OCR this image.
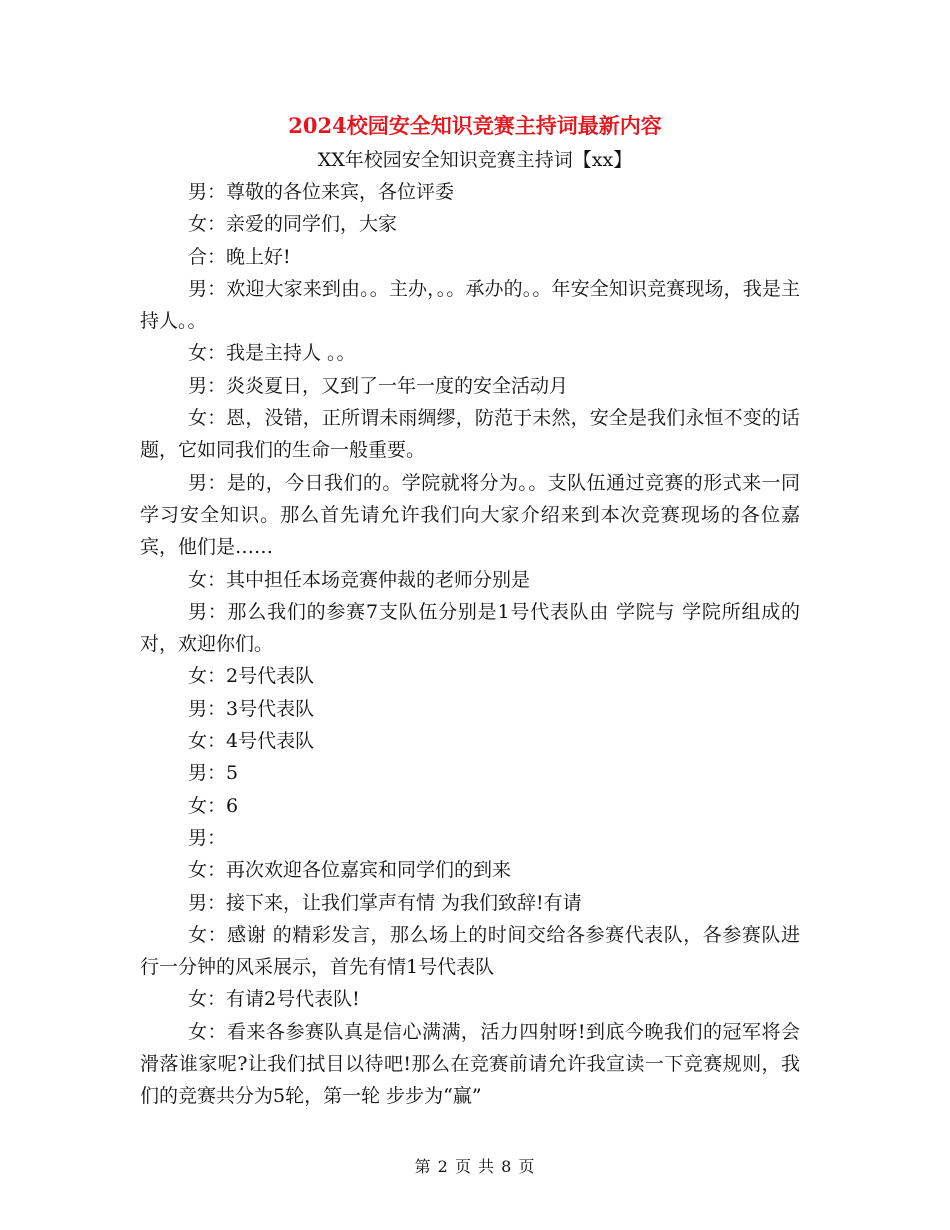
2024校园安全知识竞赛主持词最新内容
XX年校园安全知识竞赛主持词【xx】

男：尊敬的各位来宾，各位评委

女：亲爱的同学们，大家

合：晚上好!

男：欢迎大家来到由。。主办，。。承办的。。年安全知识竞赛现场，我是主持人。。

女：我是主持人 。。

男：炎炎夏日，又到了一年一度的安全活动月

女：恩，没错，正所谓未雨绸缪，防范于未然，安全是我们永恒不变的话题，它如同我们的生命一般重要。

男：是的，今日我们的。学院就将分为。。支队伍通过竞赛的形式来一同学习安全知识。那么首先请允许我们向大家介绍来到本次竞赛现场的各位嘉宾，他们是……

女：其中担任本场竞赛仲裁的老师分别是

男：那么我们的参赛7支队伍分别是1号代表队由 学院与 学院所组成的 对，欢迎你们。

女：2号代表队

男：3号代表队

女：4号代表队

男：5

女：6

男：

女：再次欢迎各位嘉宾和同学们的到来

男：接下来，让我们掌声有情 为我们致辞!有请

女：感谢 的精彩发言，那么场上的时间交给各参赛代表队，各参赛队进行一分钟的风采展示，首先有情1号代表队

女：有请2号代表队!

女：看来各参赛队真是信心满满，活力四射呀!到底今晚我们的冠军将会滑落谁家呢?让我们拭目以待吧!那么在竞赛前请允许我宣读一下竞赛规则，我们的竞赛共分为5轮，第一轮 步步为“赢”

第 2 页 共 8 页
